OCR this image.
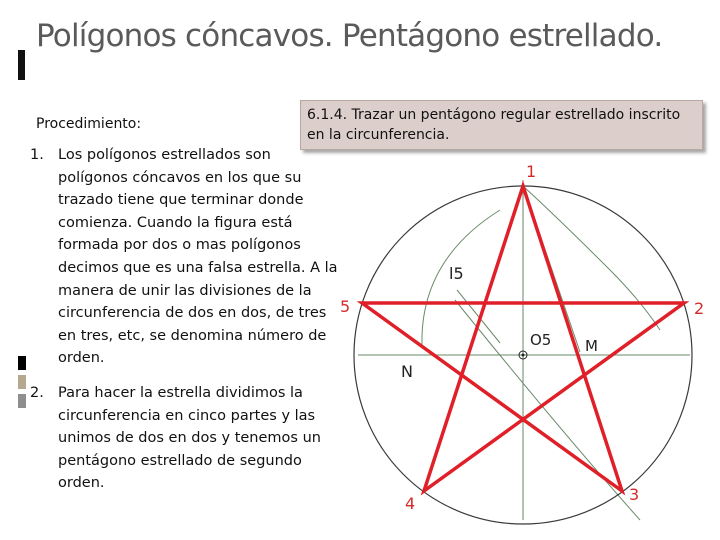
Polígonos cóncavos. Pentágono estrellado.
Procedimiento:
1. Los polígonos estrellados son polígonos cóncavos en los que su trazado tiene que terminar donde comienza. Cuando la figura está formada por dos o mas polígonos decimos que es una falsa estrella. A la manera de unir las divisiones de la circunferencia de dos en dos, de tres en tres, etc, se denomina número de orden.
2. Para hacer la estrella dividimos la circunferencia en cinco partes y las unimos de dos en dos y tenemos un pentágono estrellado de segundo orden.
1
2
3
4
5
l5
O5
N
M
6.1.4. Trazar un pentágono regular estrellado inscrito en la circunferencia.
